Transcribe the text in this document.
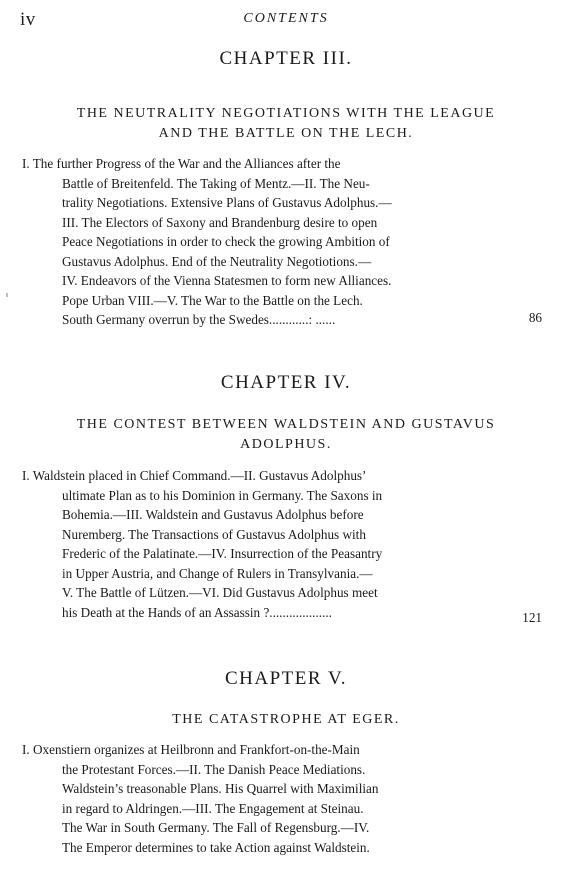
iv	CONTENTS
CHAPTER III.
THE NEUTRALITY NEGOTIATIONS WITH THE LEAGUE
AND THE BATTLE ON THE LECH.
I. The further Progress of the War and the Alliances after the
Battle of Breitenfeld. The Taking of Mentz.—II. The Neu-
trality Negotiations. Extensive Plans of Gustavus Adolphus.—
III. The Electors of Saxony and Brandenburg desire to open
Peace Negotiations in order to check the growing Ambition of
Gustavus Adolphus. End of the Neutrality Negotiotions.—
IV. Endeavors of the Vienna Statesmen to form new Alliances.
Pope Urban VIII.—V. The War to the Battle on the Lech.
South Germany overrun by the Swedes............: ......	86
CHAPTER IV.
THE CONTEST BETWEEN WALDSTEIN AND GUSTAVUS
ADOLPHUS.
I. Waldstein placed in Chief Command.—II. Gustavus Adolphus’
ultimate Plan as to his Dominion in Germany. The Saxons in
Bohemia.—III. Waldstein and Gustavus Adolphus before
Nuremberg. The Transactions of Gustavus Adolphus with
Frederic of the Palatinate.—IV. Insurrection of the Peasantry
in Upper Austria, and Change of Rulers in Transylvania.—
V. The Battle of Lützen.—VI. Did Gustavus Adolphus meet
his Death at the Hands of an Assassin ?...................	121
CHAPTER V.
THE CATASTROPHE AT EGER.
I. Oxenstiern organizes at Heilbronn and Frankfort-on-the-Main
the Protestant Forces.—II. The Danish Peace Mediations.
Waldstein’s treasonable Plans. His Quarrel with Maximilian
in regard to Aldringen.—III. The Engagement at Steinau.
The War in South Germany. The Fall of Regensburg.—IV.
The Emperor determines to take Action against Waldstein.
